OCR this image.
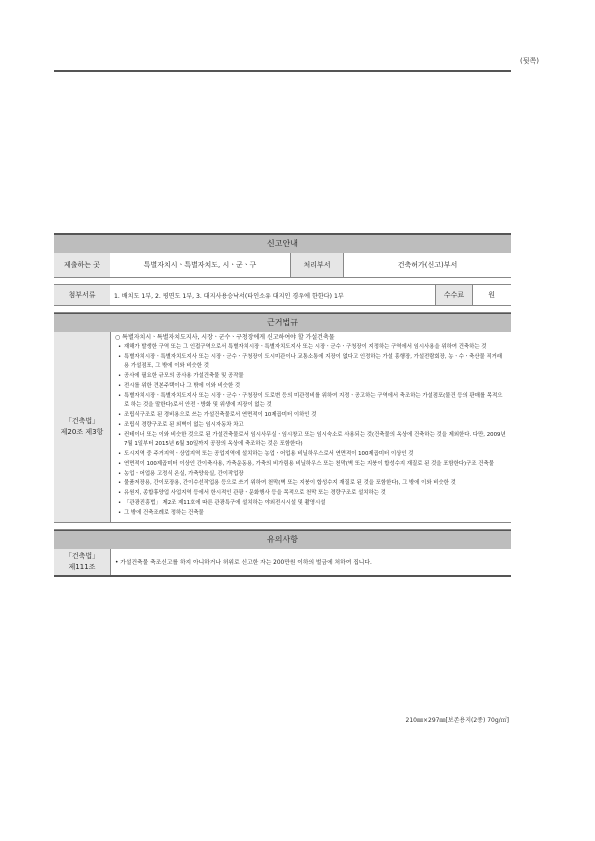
(뒷쪽)
신고안내
제출하는 곳	특별자치시ㆍ특별자치도, 시ㆍ군ㆍ구	처리부서	건축허가(신고)부서
첨부서류	1. 배치도 1부, 2. 평면도 1부, 3. 대지사용승낙서(타인소유 대지인 경우에 한한다) 1부	수수료	원
근거법규
「건축법」
제20조 제3항
○ 특별자치시ㆍ특별자치도지사, 시장ㆍ군수ㆍ구청장에게 신고하여야 할 가설건축물
• 재해가 발생한 구역 또는 그 인접구역으로서 특별자치시장ㆍ특별자치도지사 또는 시장ㆍ군수ㆍ구청장이 지정하는 구역에서 임시사용을 위하여 건축하는 것
• 특별자치시장ㆍ특별자치도지사 또는 시장ㆍ군수ㆍ구청장이 도시미관이나 교통소통에 지장이 없다고 인정하는 가설 흥행장, 가설전람회장, 농ㆍ수ㆍ축산물 직거래용 가설점포, 그 밖에 이와 비슷한 것
• 공사에 필요한 규모의 공사용 가설건축물 및 공작물
• 전시를 위한 견본주택이나 그 밖에 이와 비슷한 것
• 특별자치시장ㆍ특별자치도지사 또는 시장ㆍ군수ㆍ구청장이 도로변 등의 미관정비를 위하여 지정ㆍ공고하는 구역에서 축조하는 가설점포(물건 등의 판매를 목적으로 하는 것을 말한다)로서 안전ㆍ방화 및 위생에 지장이 없는 것
• 조립식구조로 된 경비용으로 쓰는 가설건축물로서 연면적이 10제곱미터 이하인 것
• 조립식 경량구조로 된 외벽이 없는 임시자동차 차고
• 컨테이너 또는 이와 비슷한 것으로 된 가설건축물로서 임시사무실ㆍ임시창고 또는 임시숙소로 사용되는 것(건축물의 옥상에 건축하는 것을 제외한다. 다만, 2009년 7월 1일부터 2015년 6월 30일까지 공장의 옥상에 축조하는 것은 포함한다)
• 도시지역 중 주거지역ㆍ상업지역 또는 공업지역에 설치하는 농업ㆍ어업용 비닐하우스로서 연면적이 100제곱미터 이상인 것
• 연면적이 100제곱미터 이상인 간이축사용, 가축운동용, 가축의 비가림용 비닐하우스 또는 천막(벽 또는 지붕이 합성수지 재질로 된 것을 포함한다)구조 건축물
• 농업ㆍ어업용 고정식 온실, 가축양육실, 간이작업장
• 물품저장용, 간이포장용, 간이수선작업용 등으로 쓰기 위하여 천막(벽 또는 지붕이 합성수지 재질로 된 것을 포함한다), 그 밖에 이와 비슷한 것
• 유원지, 종합휴양업 사업지역 등에서 한시적인 관광ㆍ문화행사 등을 목적으로 천막 또는 경량구조로 설치하는 것
• 「관광진흥법」 제2조 제11호에 따른 관광특구에 설치하는 야외전시시설 및 촬영시설
• 그 밖에 건축조례로 정하는 건축물
유의사항
「건축법」
제111조	• 가설건축물 축조신고를 하지 아니하거나 허위로 신고한 자는 200만원 이하의 벌금에 처하여 집니다.
210㎜×297㎜[보존용지(2종) 70g/㎡]
